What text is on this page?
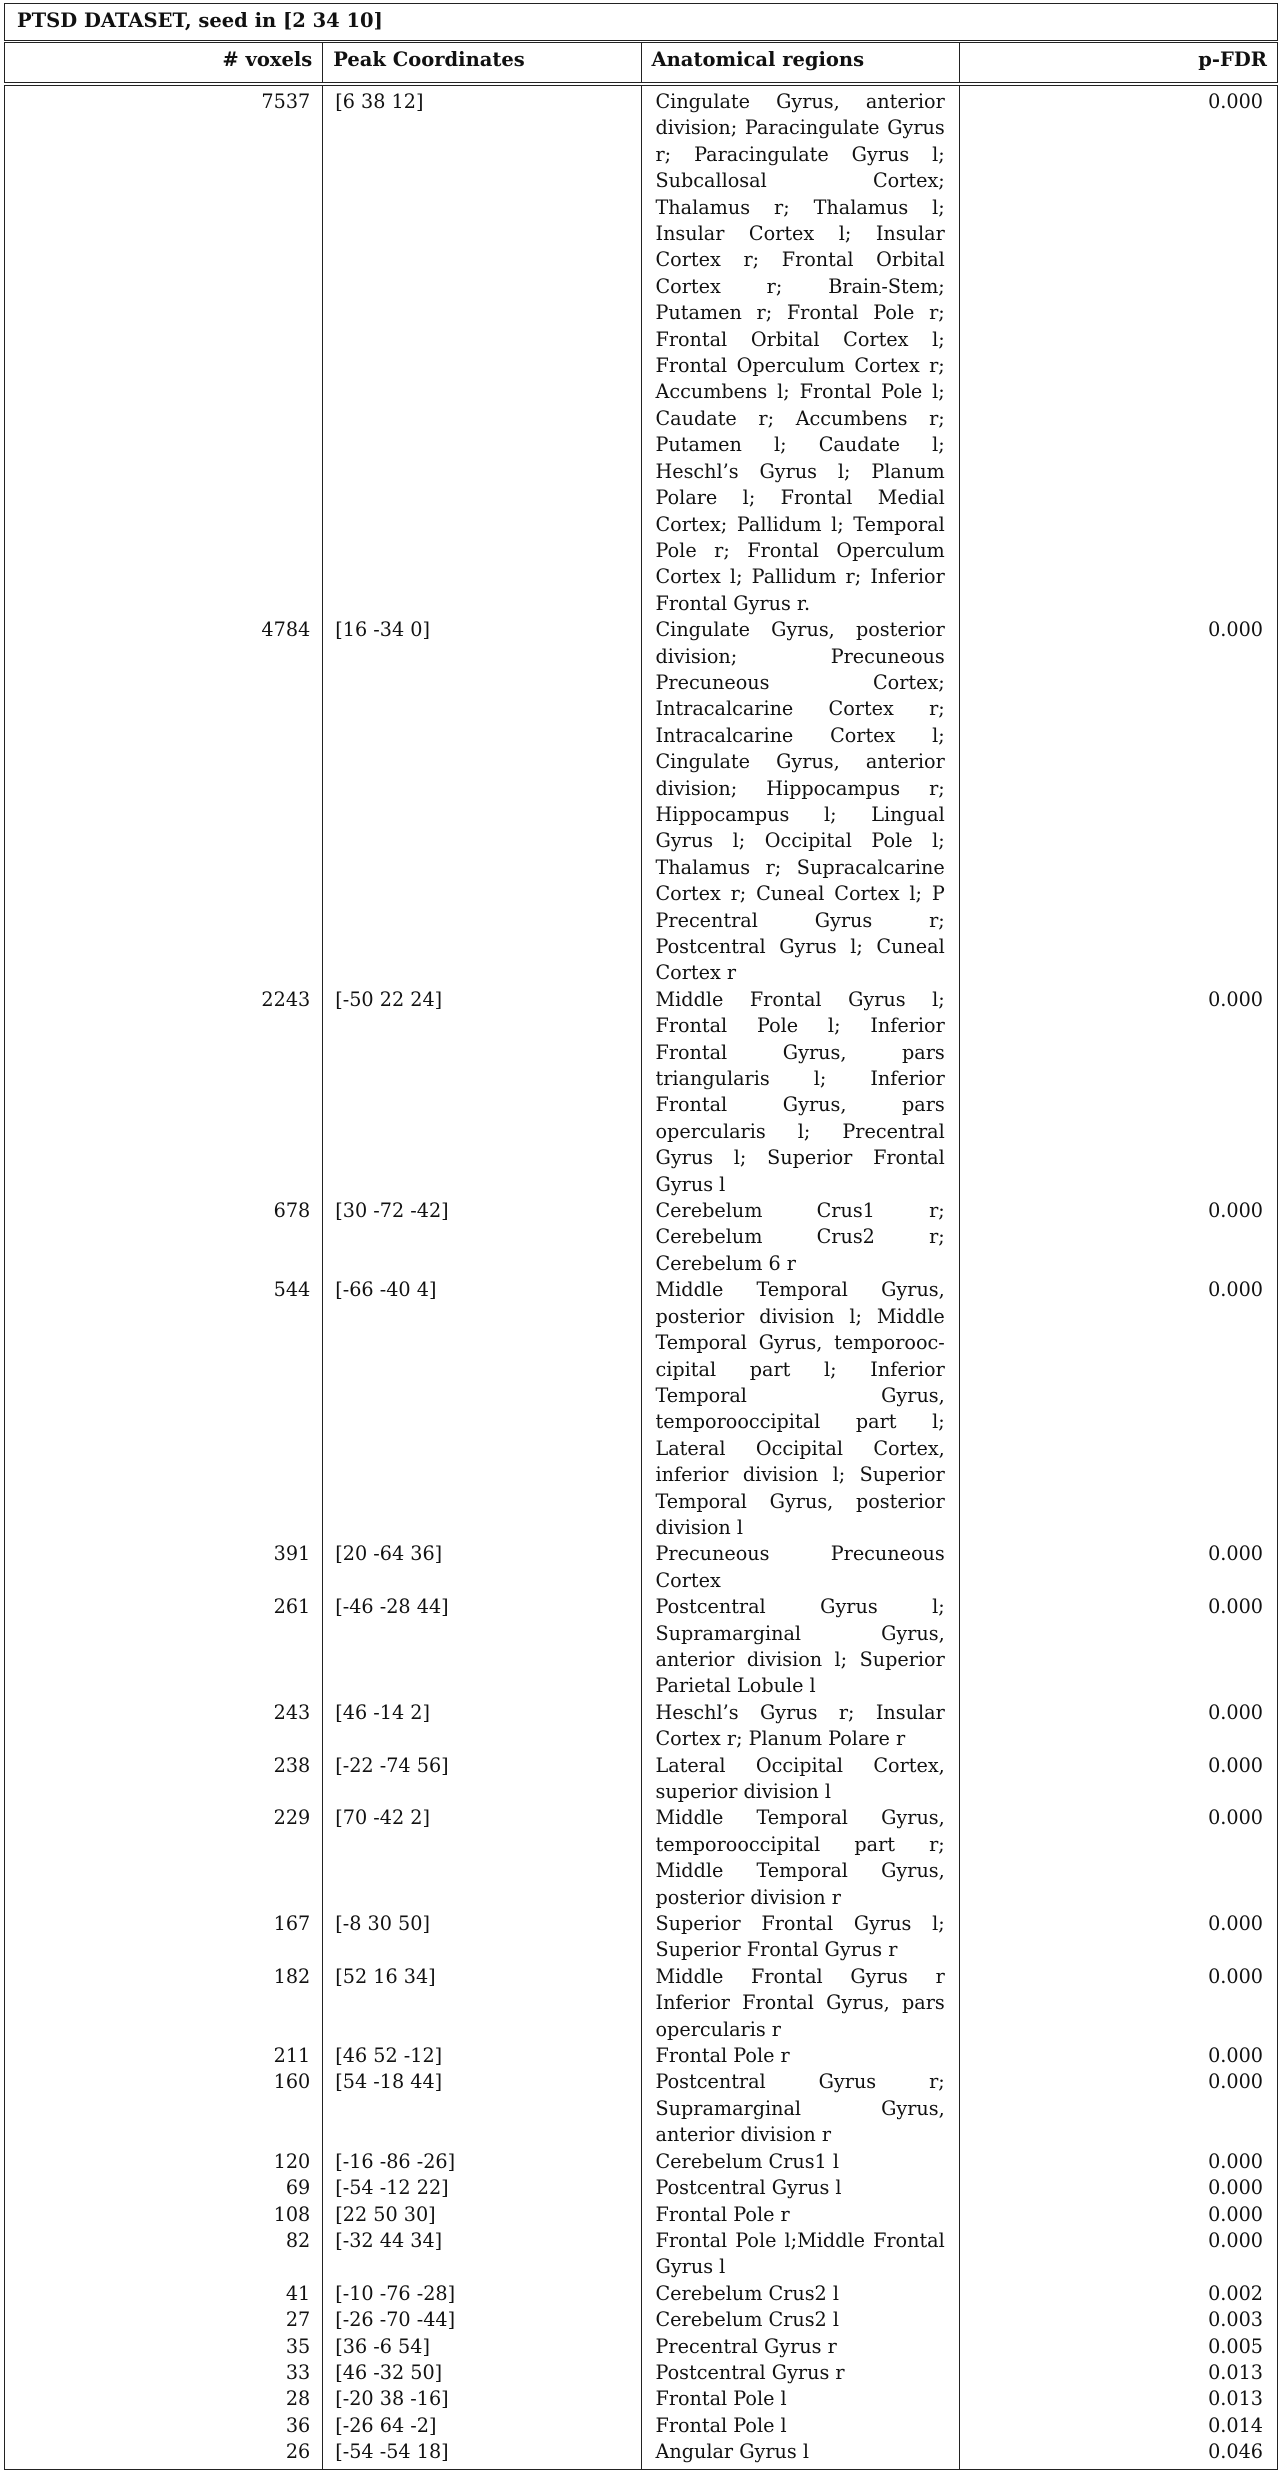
PTSD DATASET, seed in [2 34 10]			
# voxels	Peak Coordinates	Anatomical regions	p-FDR
7537	[6 38 12]	Cingulate Gyrus, anterior division; Paracingulate Gyrus r; Paracingulate Gyrus l; Subcallosal Cortex; Thalamus r; Thalamus l; Insular Cortex l; Insular Cortex r; Frontal Orbital Cortex r; Brain-Stem; Putamen r; Frontal Pole r; Frontal Orbital Cortex l; Frontal Operculum Cortex r; Accumbens l; Frontal Pole l; Caudate r; Accumbens r; Putamen l; Caudate l; Heschl’s Gyrus l; Planum Polare l; Frontal Medial Cortex; Pallidum l; Temporal Pole r; Frontal Operculum Cortex l; Pallidum r; Inferior Frontal Gyrus r.	0.000
4784	[16 -34 0]	Cingulate Gyrus, posterior division; Precuneous Precuneous Cortex; Intracalcarine Cortex r; Intracalcarine Cortex l; Cingulate Gyrus, anterior division; Hippocampus r; Hippocampus l; Lingual Gyrus l; Occipital Pole l; Thalamus r; Supracalcarine Cortex r; Cuneal Cortex l; P Precentral Gyrus r; Postcentral Gyrus l; Cuneal Cortex r	0.000
2243	[-50 22 24]	Middle Frontal Gyrus l; Frontal Pole l; Inferior Frontal Gyrus, pars triangularis l; Inferior Frontal Gyrus, pars opercularis l; Precentral Gyrus l; Superior Frontal Gyrus l	0.000
678	[30 -72 -42]	Cerebelum Crus1 r; Cerebelum Crus2 r; Cerebelum 6 r	0.000
544	[-66 -40 4]	Middle Temporal Gyrus, posterior division l; Middle Temporal Gyrus, temporooccipital part l; Inferior Temporal Gyrus, temporooccipital part l; Lateral Occipital Cortex, inferior division l; Superior Temporal Gyrus, posterior division l	0.000
391	[20 -64 36]	Precuneous Precuneous Cortex	0.000
261	[-46 -28 44]	Postcentral Gyrus l; Supramarginal Gyrus, anterior division l; Superior Parietal Lobule l	0.000
243	[46 -14 2]	Heschl’s Gyrus r; Insular Cortex r; Planum Polare r	0.000
238	[-22 -74 56]	Lateral Occipital Cortex, superior division l	0.000
229	[70 -42 2]	Middle Temporal Gyrus, temporooccipital part r; Middle Temporal Gyrus, posterior division r	0.000
167	[-8 30 50]	Superior Frontal Gyrus l; Superior Frontal Gyrus r	0.000
182	[52 16 34]	Middle Frontal Gyrus r Inferior Frontal Gyrus, pars opercularis r	0.000
211	[46 52 -12]	Frontal Pole r	0.000
160	[54 -18 44]	Postcentral Gyrus r; Supramarginal Gyrus, anterior division r	0.000
120	[-16 -86 -26]	Cerebelum Crus1 l	0.000
69	[-54 -12 22]	Postcentral Gyrus l	0.000
108	[22 50 30]	Frontal Pole r	0.000
82	[-32 44 34]	Frontal Pole l;Middle Frontal Gyrus l	0.000
41	[-10 -76 -28]	Cerebelum Crus2 l	0.002
27	[-26 -70 -44]	Cerebelum Crus2 l	0.003
35	[36 -6 54]	Precentral Gyrus r	0.005
33	[46 -32 50]	Postcentral Gyrus r	0.013
28	[-20 38 -16]	Frontal Pole l	0.013
36	[-26 64 -2]	Frontal Pole l	0.014
26	[-54 -54 18]	Angular Gyrus l	0.046
